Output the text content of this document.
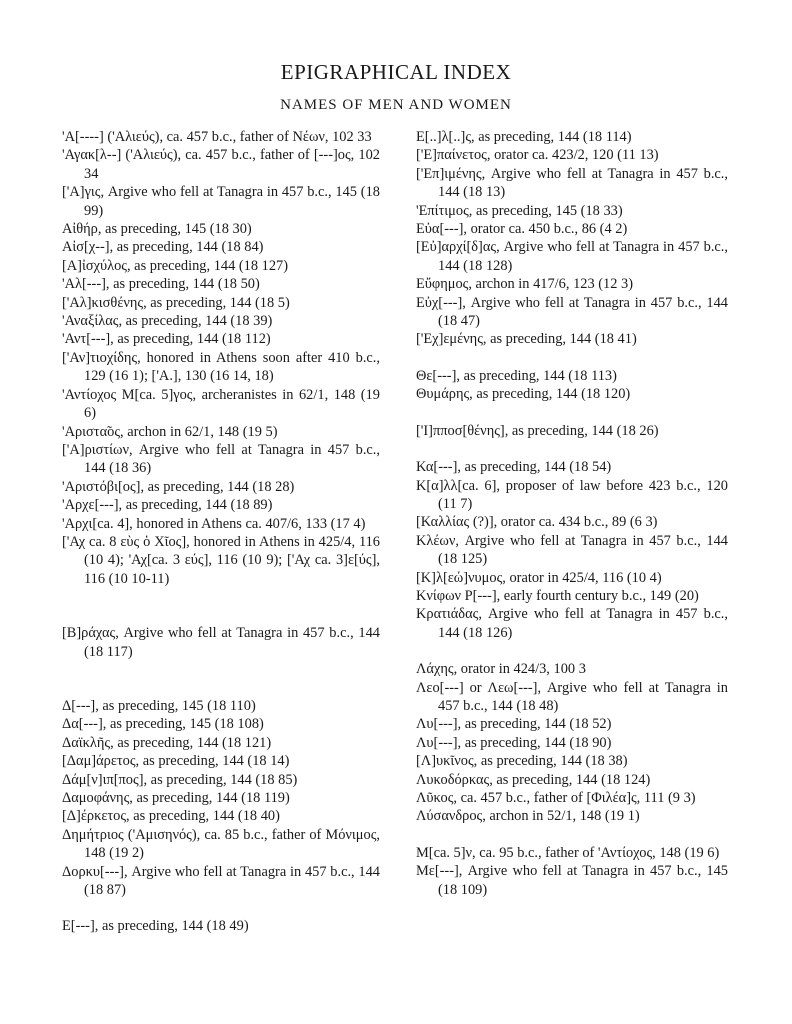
EPIGRAPHICAL INDEX
NAMES OF MEN AND WOMEN
'Α[----] ('Αλιεύς), ca. 457 b.c., father of Νέων, 102 33
'Αγακ[λ--] ('Αλιεύς), ca. 457 b.c., father of [---]ος, 102 34
['Α]γις, Argive who fell at Tanagra in 457 b.c., 145 (18 99)
Αἰθήρ, as preceding, 145 (18 30)
Αἰσ[χ--], as preceding, 144 (18 84)
[Α]ἰσχύλος, as preceding, 144 (18 127)
'Αλ[---], as preceding, 144 (18 50)
['Αλ]κισθένης, as preceding, 144 (18 5)
'Αναξίλας, as preceding, 144 (18 39)
'Αντ[---], as preceding, 144 (18 112)
['Αν]τιοχίδης, honored in Athens soon after 410 b.c., 129 (16 1); ['Α.], 130 (16 14, 18)
'Αντίοχος Μ[ca. 5]γος, archeranistes in 62/1, 148 (19 6)
'Αριστα̃ος, archon in 62/1, 148 (19 5)
['Α]ριστίων, Argive who fell at Tanagra in 457 b.c., 144 (18 36)
'Αριστόβι[ος], as preceding, 144 (18 28)
'Αρχε[---], as preceding, 144 (18 89)
'Αρχι[ca. 4], honored in Athens ca. 407/6, 133 (17 4)
['Αχ ca. 8 εὺς ὁ Χῖος], honored in Athens in 425/4, 116 (10 4); 'Αχ[ca. 3 εύς], 116 (10 9); ['Αχ ca. 3]ε[ύς], 116 (10 10-11)
[Β]ράχας, Argive who fell at Tanagra in 457 b.c., 144 (18 117)
Δ[---], as preceding, 145 (18 110)
Δα[---], as preceding, 145 (18 108)
Δαϊκλῆς, as preceding, 144 (18 121)
[Δαμ]άρετος, as preceding, 144 (18 14)
Δάμ[ν]ιπ[πος], as preceding, 144 (18 85)
Δαμοφάνης, as preceding, 144 (18 119)
[Δ]έρκετος, as preceding, 144 (18 40)
Δημήτριος ('Αμισηνός), ca. 85 b.c., father of Μόνιμος, 148 (19 2)
Δορκυ[---], Argive who fell at Tanagra in 457 b.c., 144 (18 87)
Ε[---], as preceding, 144 (18 49)
Ε[..]λ[..]ς, as preceding, 144 (18 114)
['Ε]παίνετος, orator ca. 423/2, 120 (11 13)
['Επ]ιμένης, Argive who fell at Tanagra in 457 b.c., 144 (18 13)
'Επίτιμος, as preceding, 145 (18 33)
Εὐα[---], orator ca. 450 b.c., 86 (4 2)
[Εὐ]αρχί[δ]ας, Argive who fell at Tanagra in 457 b.c., 144 (18 128)
Εὔφημος, archon in 417/6, 123 (12 3)
Εὐχ[---], Argive who fell at Tanagra in 457 b.c., 144 (18 47)
['Εχ]εμένης, as preceding, 144 (18 41)
Θε[---], as preceding, 144 (18 113)
Θυμάρης, as preceding, 144 (18 120)
['Ι]πποσ[θένης], as preceding, 144 (18 26)
Κα[---], as preceding, 144 (18 54)
Κ[α]λλ[ca. 6], proposer of law before 423 b.c., 120 (11 7)
[Καλλίας (?)], orator ca. 434 b.c., 89 (6 3)
Κλέων, Argive who fell at Tanagra in 457 b.c., 144 (18 125)
[Κ]λ[εώ]νυμος, orator in 425/4, 116 (10 4)
Κνίφων Ρ[---], early fourth century b.c., 149 (20)
Κρατιάδας, Argive who fell at Tanagra in 457 b.c., 144 (18 126)
Λάχης, orator in 424/3, 100 3
Λεο[---] or Λεω[---], Argive who fell at Tanagra in 457 b.c., 144 (18 48)
Λυ[---], as preceding, 144 (18 52)
Λυ[---], as preceding, 144 (18 90)
[Λ]υκῖνος, as preceding, 144 (18 38)
Λυκοδόρκας, as preceding, 144 (18 124)
Λῦκος, ca. 457 b.c., father of [Φιλέα]ς, 111 (9 3)
Λύσανδρος, archon in 52/1, 148 (19 1)
Μ[ca. 5]ν, ca. 95 b.c., father of 'Αντίοχος, 148 (19 6)
Με[---], Argive who fell at Tanagra in 457 b.c., 145 (18 109)
